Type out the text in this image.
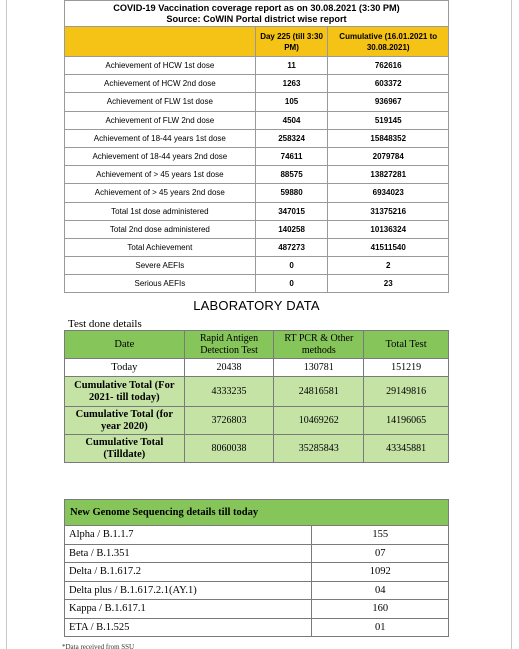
COVID-19 Vaccination coverage report as on 30.08.2021 (3:30 PM)
Source: CoWIN Portal district wise report		

	Day 225 (till 3:30 PM)	Cumulative (16.01.2021 to 30.08.2021)
Achievement of HCW 1st dose	11	762616
Achievement of HCW 2nd dose	1263	603372
Achievement of FLW 1st dose	105	936967
Achievement of FLW 2nd dose	4504	519145
Achievement of 18-44 years 1st dose	258324	15848352
Achievement of 18-44 years 2nd dose	74611	2079784
Achievement of > 45 years 1st dose	88575	13827281
Achievement of > 45 years 2nd dose	59880	6934023
Total 1st dose administered	347015	31375216
Total 2nd dose administered	140258	10136324
Total Achievement	487273	41511540
Severe AEFIs	0	2
Serious AEFIs	0	23
LABORATORY DATA
Test done details
Date	Rapid Antigen Detection Test	RT PCR & Other methods	Total Test
Today	20438	130781	151219
Cumulative Total (For 2021- till today)	4333235	24816581	29149816
Cumulative Total (for year 2020)	3726803	10469262	14196065
Cumulative Total (Tilldate)	8060038	35285843	43345881
New Genome Sequencing details till today	
Alpha / B.1.1.7	155
Beta / B.1.351	07
Delta / B.1.617.2	1092
Delta plus / B.1.617.2.1(AY.1)	04
Kappa / B.1.617.1	160
ETA / B.1.525	01
*Data received from SSU
